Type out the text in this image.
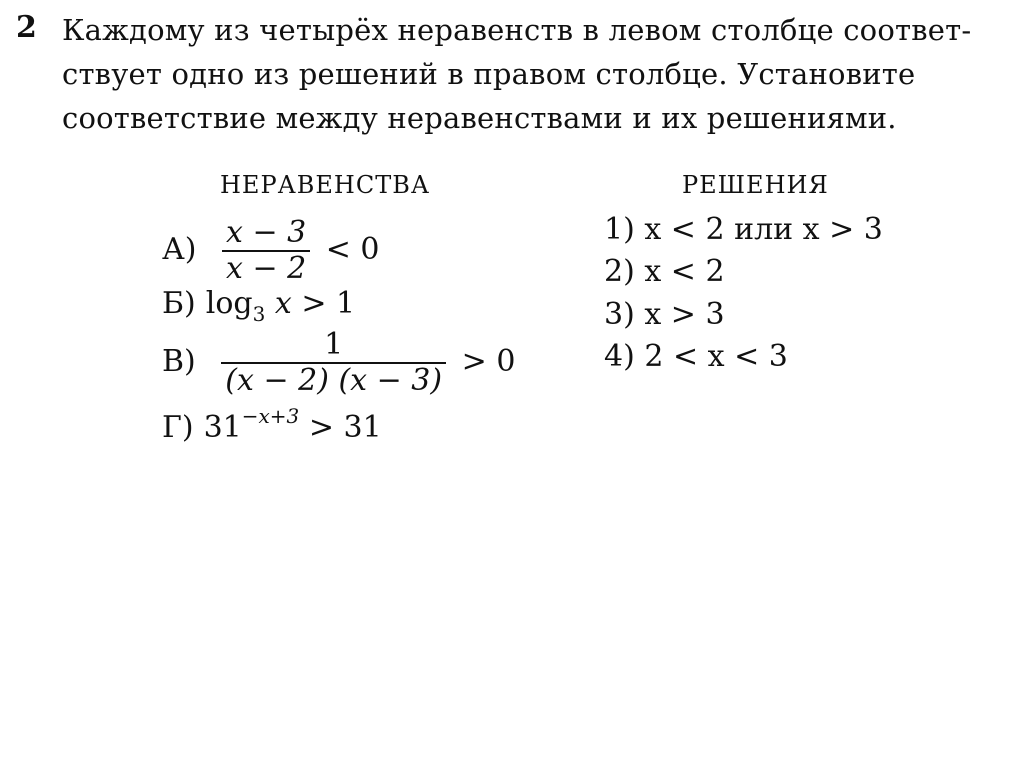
2 Каждому из четырёх неравенств в левом столбце соответ-
ствует одно из решений в правом столбце. Установите
соответствие между неравенствами и их решениями.
НЕРАВЕНСТВА	РЕШЕНИЯ
$А) \frac{x - 3}{x - 2} < 0$
Б) $\log_3 x > 1$
$В) \frac{1}{(x - 2) (x - 3)} > 0$
Г) $31^{-x+3} > 31$
1) x < 2 или x > 3
2) x < 2
3) x > 3
4) 2 < x < 3
